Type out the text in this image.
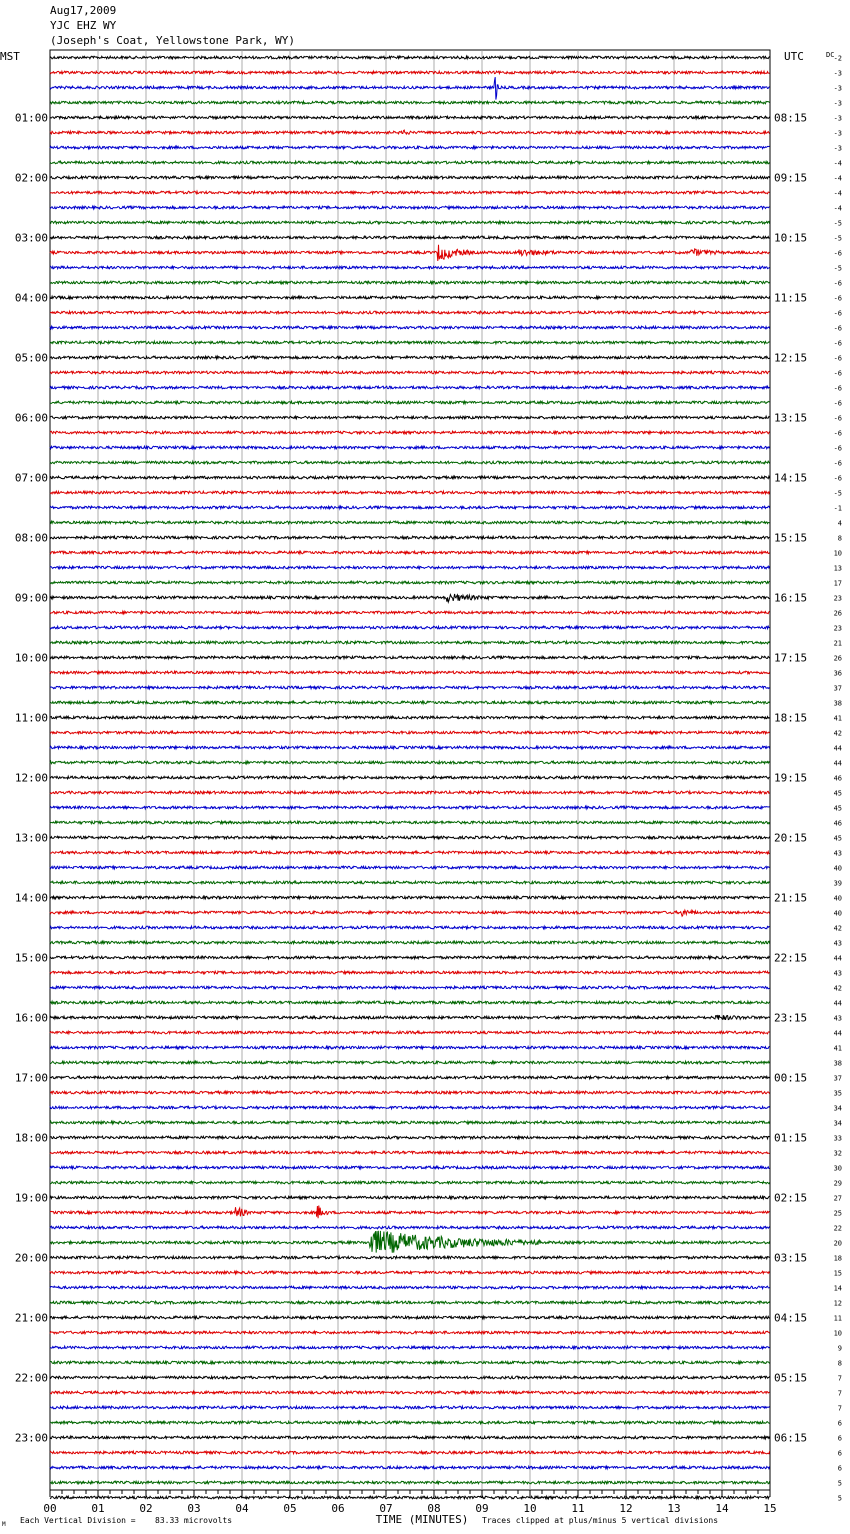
Aug17,2009
YJC EHZ WY
(Joseph's Coat, Yellowstone Park, WY)
-2
-3
-3
-3
-3
-3
-3
-4
-4
-4
-4
-5
-5
-6
-5
-6
-6
-6
-6
-6
-6
-6
-6
-6
-6
-6
-6
-6
-6
-5
-1
4
8
10
13
17
23
26
23
21
26
36
37
38
41
42
44
44
46
45
45
46
45
43
40
39
40
40
42
43
44
43
42
44
43
44
41
38
37
35
34
34
33
32
30
29
27
25
22
20
18
15
14
12
11
10
9
8
7
7
7
6
6
6
6
5
5
DC
MST	UTC
01:00
02:00
03:00
04:00
05:00
06:00
07:00
08:00
09:00
10:00
11:00
12:00
13:00
14:00
15:00
16:00
17:00
18:00
19:00
20:00
21:00
22:00
23:00
08:15
09:15
10:15
11:15
12:15
13:15
14:15
15:15
16:15
17:15
18:15
19:15
20:15
21:15
22:15
23:15
00:15
01:15
02:15
03:15
04:15
05:15
06:15
00	01	02	03	04	05	06	07	08	09	10	11	12	13	14	15
Each Vertical Division = 83.33 microvolts	TIME (MINUTES) Traces clipped at plus/minus 5 vertical divisions
M
